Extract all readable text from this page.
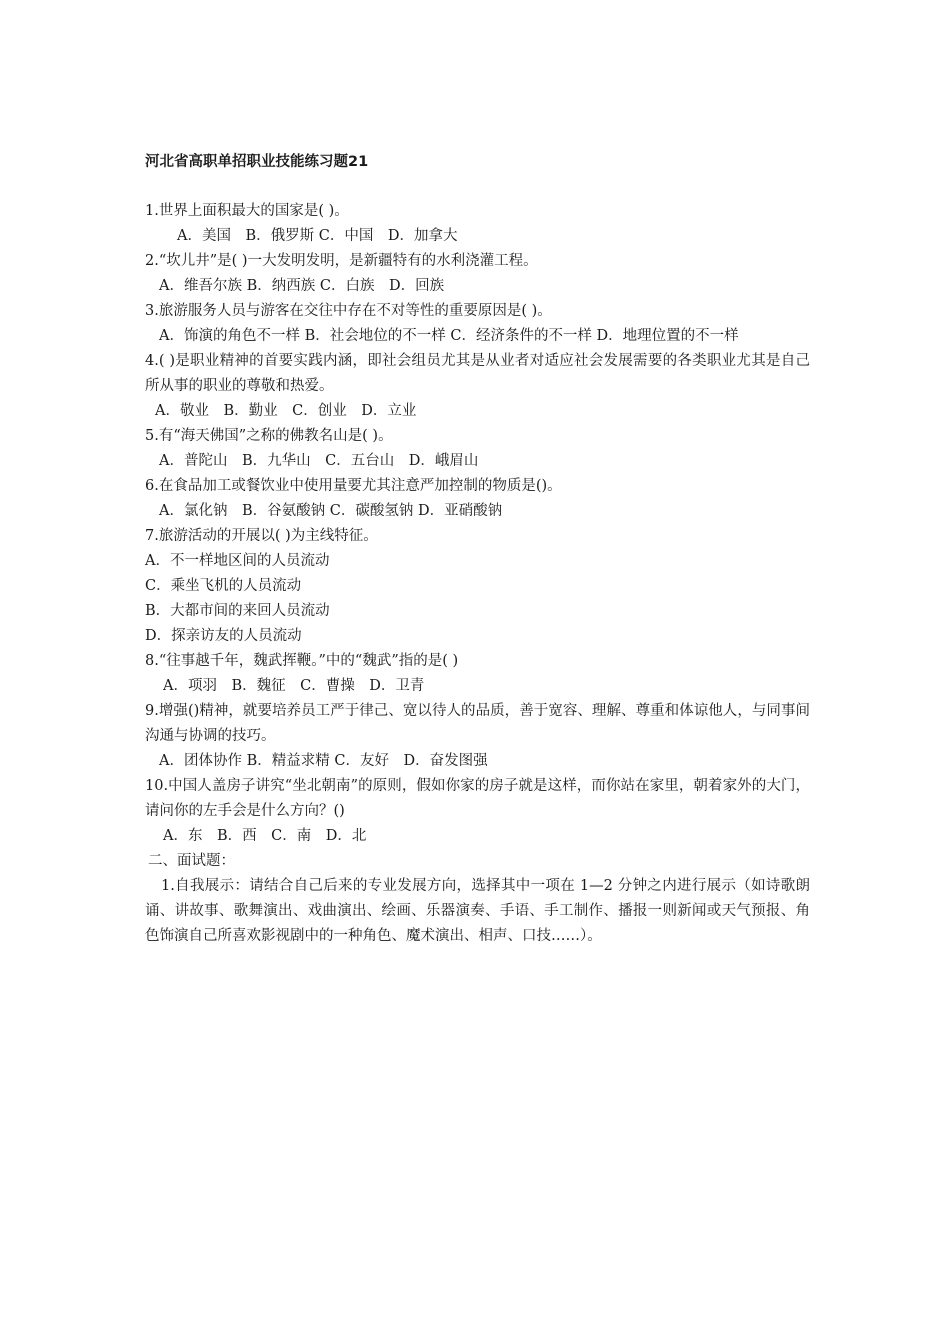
河北省高职单招职业技能练习题21
1.世界上面积最大的国家是( )。
A．美国　B．俄罗斯 C．中国　D．加拿大
2.“坎儿井”是( )一大发明发明，是新疆特有的水利浇灌工程。
A．维吾尔族 B．纳西族 C．白族　D．回族
3.旅游服务人员与游客在交往中存在不对等性的重要原因是( )。
A．饰演的角色不一样 B．社会地位的不一样 C．经济条件的不一样 D．地理位置的不一样
4.( )是职业精神的首要实践内涵，即社会组员尤其是从业者对适应社会发展需要的各类职业尤其是自己所从事的职业的尊敬和热爱。
A．敬业　B．勤业　C．创业　D．立业
5.有“海天佛国”之称的佛教名山是( )。
A．普陀山　B．九华山　C．五台山　D．峨眉山
6.在食品加工或餐饮业中使用量要尤其注意严加控制的物质是()。
A．氯化钠　B．谷氨酸钠 C．碳酸氢钠 D．亚硝酸钠
7.旅游活动的开展以( )为主线特征。
A．不一样地区间的人员流动
C．乘坐飞机的人员流动
B．大都市间的来回人员流动
D．探亲访友的人员流动
8.“往事越千年，魏武挥鞭。”中的“魏武”指的是( )
A．项羽　B．魏征　C．曹操　D．卫青
9.增强()精神，就要培养员工严于律己、宽以待人的品质，善于宽容、理解、尊重和体谅他人，与同事间沟通与协调的技巧。
A．团体协作 B．精益求精 C．友好　D．奋发图强
10.中国人盖房子讲究“坐北朝南”的原则，假如你家的房子就是这样，而你站在家里，朝着家外的大门，请问你的左手会是什么方向？()
A．东　B．西　C．南　D．北
二、面试题：
1.自我展示：请结合自己后来的专业发展方向，选择其中一项在 1—2 分钟之内进行展示（如诗歌朗诵、讲故事、歌舞演出、戏曲演出、绘画、乐器演奏、手语、手工制作、播报一则新闻或天气预报、角色饰演自己所喜欢影视剧中的一种角色、魔术演出、相声、口技……）。
